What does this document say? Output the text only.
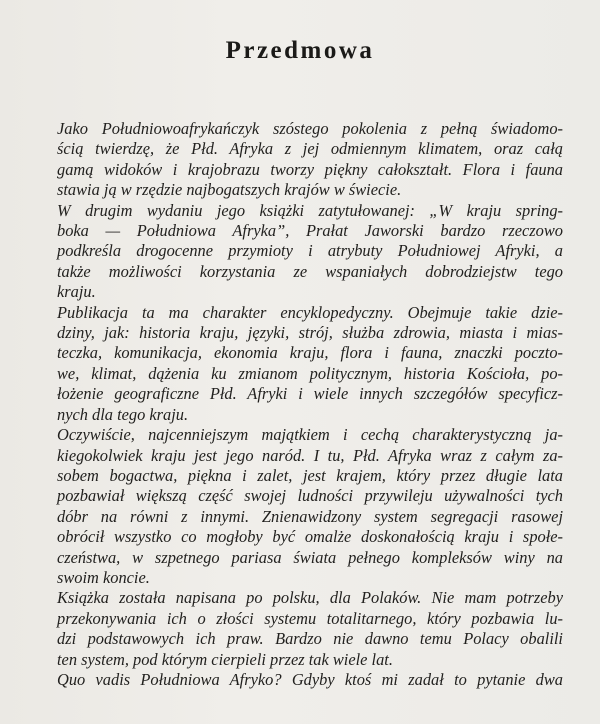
Przedmowa
Jako Południowoafrykańczyk szóstego pokolenia z pełną świadomo-
ścią twierdzę, że Płd. Afryka z jej odmiennym klimatem, oraz całą
gamą widoków i krajobrazu tworzy piękny całokształt. Flora i fauna
stawia ją w rzędzie najbogatszych krajów w świecie.
W drugim wydaniu jego książki zatytułowanej: „W kraju spring-
boka — Południowa Afryka”, Prałat Jaworski bardzo rzeczowo
podkreśla drogocenne przymioty i atrybuty Południowej Afryki, a
także możliwości korzystania ze wspaniałych dobrodziejstw tego
kraju.
Publikacja ta ma charakter encyklopedyczny. Obejmuje takie dzie-
dziny, jak: historia kraju, języki, strój, służba zdrowia, miasta i mias-
teczka, komunikacja, ekonomia kraju, flora i fauna, znaczki poczto-
we, klimat, dążenia ku zmianom politycznym, historia Kościoła, po-
łożenie geograficzne Płd. Afryki i wiele innych szczegółów specyficz-
nych dla tego kraju.
Oczywiście, najcenniejszym majątkiem i cechą charakterystyczną ja-
kiegokolwiek kraju jest jego naród. I tu, Płd. Afryka wraz z całym za-
sobem bogactwa, piękna i zalet, jest krajem, który przez długie lata
pozbawiał większą część swojej ludności przywileju używalności tych
dóbr na równi z innymi. Znienawidzony system segregacji rasowej
obrócił wszystko co mogłoby być omalże doskonałością kraju i społe-
czeństwa, w szpetnego pariasa świata pełnego kompleksów winy na
swoim koncie.
Książka została napisana po polsku, dla Polaków. Nie mam potrzeby
przekonywania ich o złości systemu totalitarnego, który pozbawia lu-
dzi podstawowych ich praw. Bardzo nie dawno temu Polacy obalili
ten system, pod którym cierpieli przez tak wiele lat.
Quo vadis Południowa Afryko? Gdyby ktoś mi zadał to pytanie dwa
